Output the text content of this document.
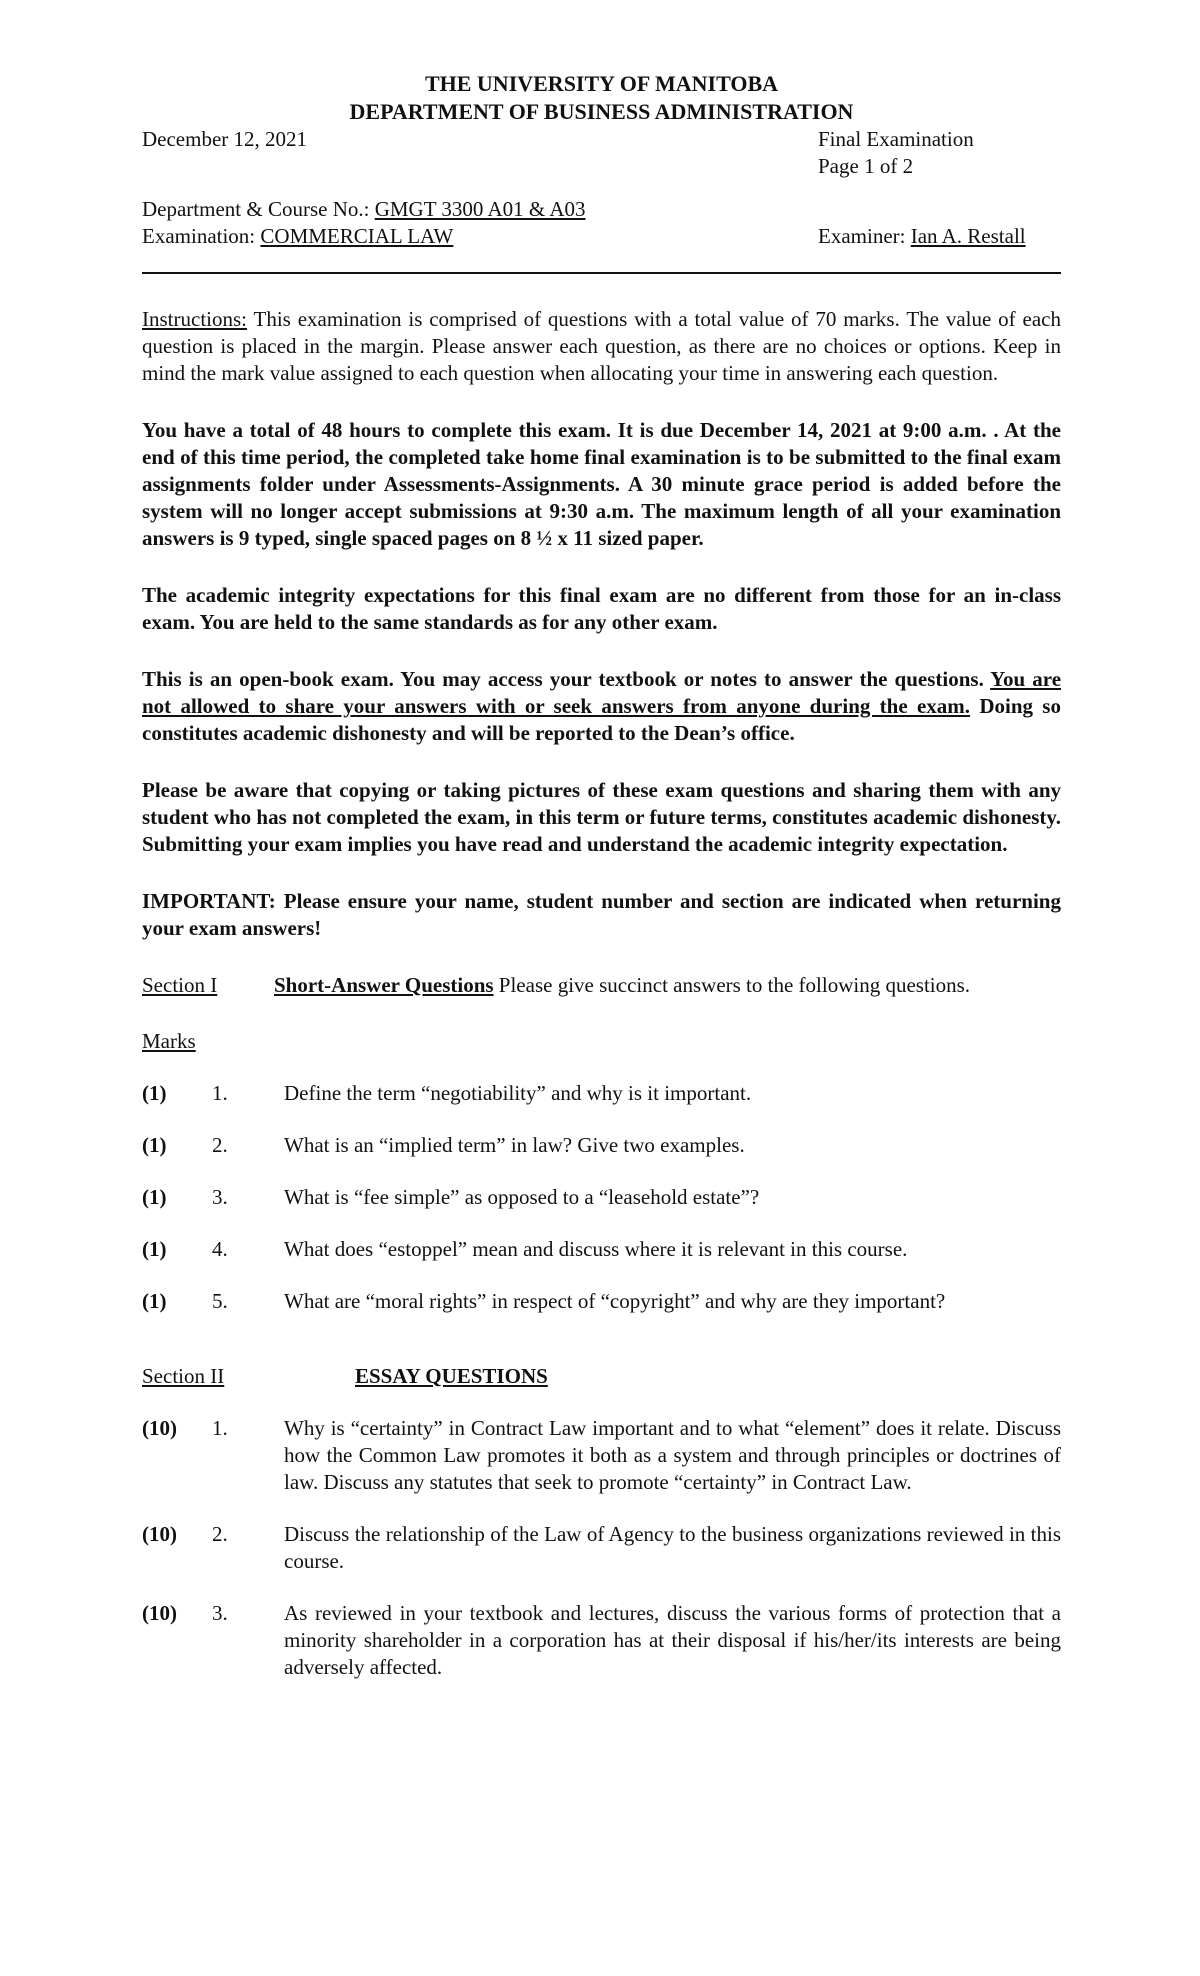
THE UNIVERSITY OF MANITOBA
DEPARTMENT OF BUSINESS ADMINISTRATION
December 12, 2021	Final Examination
Page 1 of 2
Department & Course No.: GMGT 3300 A01 & A03
Examination: COMMERCIAL LAW	Examiner: Ian A. Restall

Instructions: This examination is comprised of questions with a total value of 70 marks. The value of each question is placed in the margin. Please answer each question, as there are no choices or options. Keep in mind the mark value assigned to each question when allocating your time in answering each question.

You have a total of 48 hours to complete this exam. It is due December 14, 2021 at 9:00 a.m. . At the end of this time period, the completed take home final examination is to be submitted to the final exam assignments folder under Assessments-Assignments. A 30 minute grace period is added before the system will no longer accept submissions at 9:30 a.m. The maximum length of all your examination answers is 9 typed, single spaced pages on 8 ½ x 11 sized paper.

The academic integrity expectations for this final exam are no different from those for an in-class exam. You are held to the same standards as for any other exam.

This is an open-book exam. You may access your textbook or notes to answer the questions. You are not allowed to share your answers with or seek answers from anyone during the exam. Doing so constitutes academic dishonesty and will be reported to the Dean’s office.

Please be aware that copying or taking pictures of these exam questions and sharing them with any student who has not completed the exam, in this term or future terms, constitutes academic dishonesty. Submitting your exam implies you have read and understand the academic integrity expectation.

IMPORTANT: Please ensure your name, student number and section are indicated when returning your exam answers!

Section I	Short-Answer Questions Please give succinct answers to the following questions.
Marks
(1)	1.	Define the term “negotiability” and why is it important.
(1)	2.	What is an “implied term” in law? Give two examples.
(1)	3.	What is “fee simple” as opposed to a “leasehold estate”?
(1)	4.	What does “estoppel” mean and discuss where it is relevant in this course.
(1)	5.	What are “moral rights” in respect of “copyright” and why are they important?
Section II	ESSAY QUESTIONS
(10)	1.	Why is “certainty” in Contract Law important and to what “element” does it relate. Discuss how the Common Law promotes it both as a system and through principles or doctrines of law. Discuss any statutes that seek to promote “certainty” in Contract Law.
(10)	2.	Discuss the relationship of the Law of Agency to the business organizations reviewed in this course.
(10)	3.	As reviewed in your textbook and lectures, discuss the various forms of protection that a minority shareholder in a corporation has at their disposal if his/her/its interests are being adversely affected.
